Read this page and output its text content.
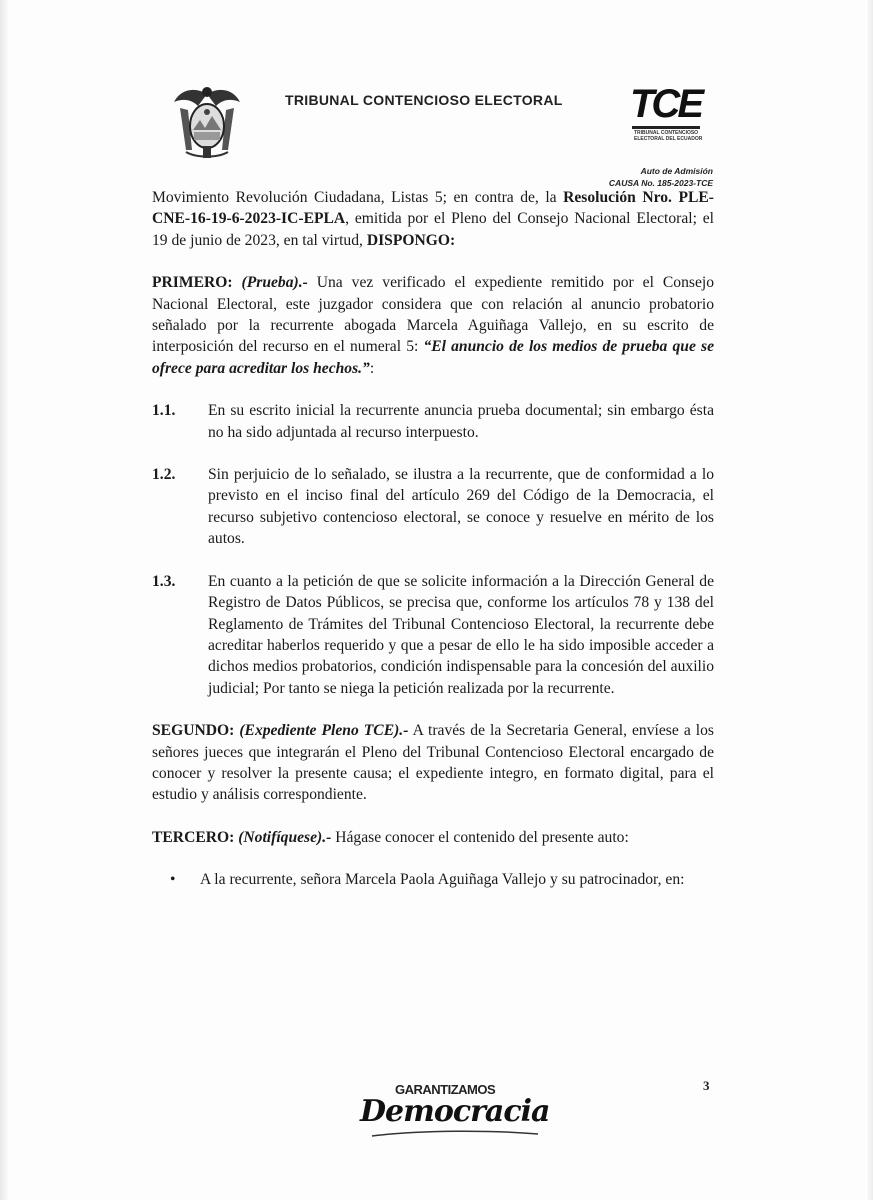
TRIBUNAL CONTENCIOSO ELECTORAL TCE
TRIBUNAL CONTENCIOSO
ELECTORAL DEL ECUADOR
Auto de Admisión
CAUSA No. 185-2023-TCE

Movimiento Revolución Ciudadana, Listas 5; en contra de, la Resolución Nro. PLE-CNE-16-19-6-2023-IC-EPLA, emitida por el Pleno del Consejo Nacional Electoral; el 19 de junio de 2023, en tal virtud, DISPONGO:

PRIMERO: (Prueba).- Una vez verificado el expediente remitido por el Consejo Nacional Electoral, este juzgador considera que con relación al anuncio probatorio señalado por la recurrente abogada Marcela Aguiñaga Vallejo, en su escrito de interposición del recurso en el numeral 5: “El anuncio de los medios de prueba que se ofrece para acreditar los hechos.”:

1.1.	En su escrito inicial la recurrente anuncia prueba documental; sin embargo ésta no ha sido adjuntada al recurso interpuesto.
1.2.	Sin perjuicio de lo señalado, se ilustra a la recurrente, que de conformidad a lo previsto en el inciso final del artículo 269 del Código de la Democracia, el recurso subjetivo contencioso electoral, se conoce y resuelve en mérito de los autos.
1.3.	En cuanto a la petición de que se solicite información a la Dirección General de Registro de Datos Públicos, se precisa que, conforme los artículos 78 y 138 del Reglamento de Trámites del Tribunal Contencioso Electoral, la recurrente debe acreditar haberlos requerido y que a pesar de ello le ha sido imposible acceder a dichos medios probatorios, condición indispensable para la concesión del auxilio judicial; Por tanto se niega la petición realizada por la recurrente.

SEGUNDO: (Expediente Pleno TCE).- A través de la Secretaria General, envíese a los señores jueces que integrarán el Pleno del Tribunal Contencioso Electoral encargado de conocer y resolver la presente causa; el expediente integro, en formato digital, para el estudio y análisis correspondiente.

TERCERO: (Notifíquese).- Hágase conocer el contenido del presente auto:

•	A la recurrente, señora Marcela Paola Aguiñaga Vallejo y su patrocinador, en:
3
GARANTIZAMOS
Democracia
